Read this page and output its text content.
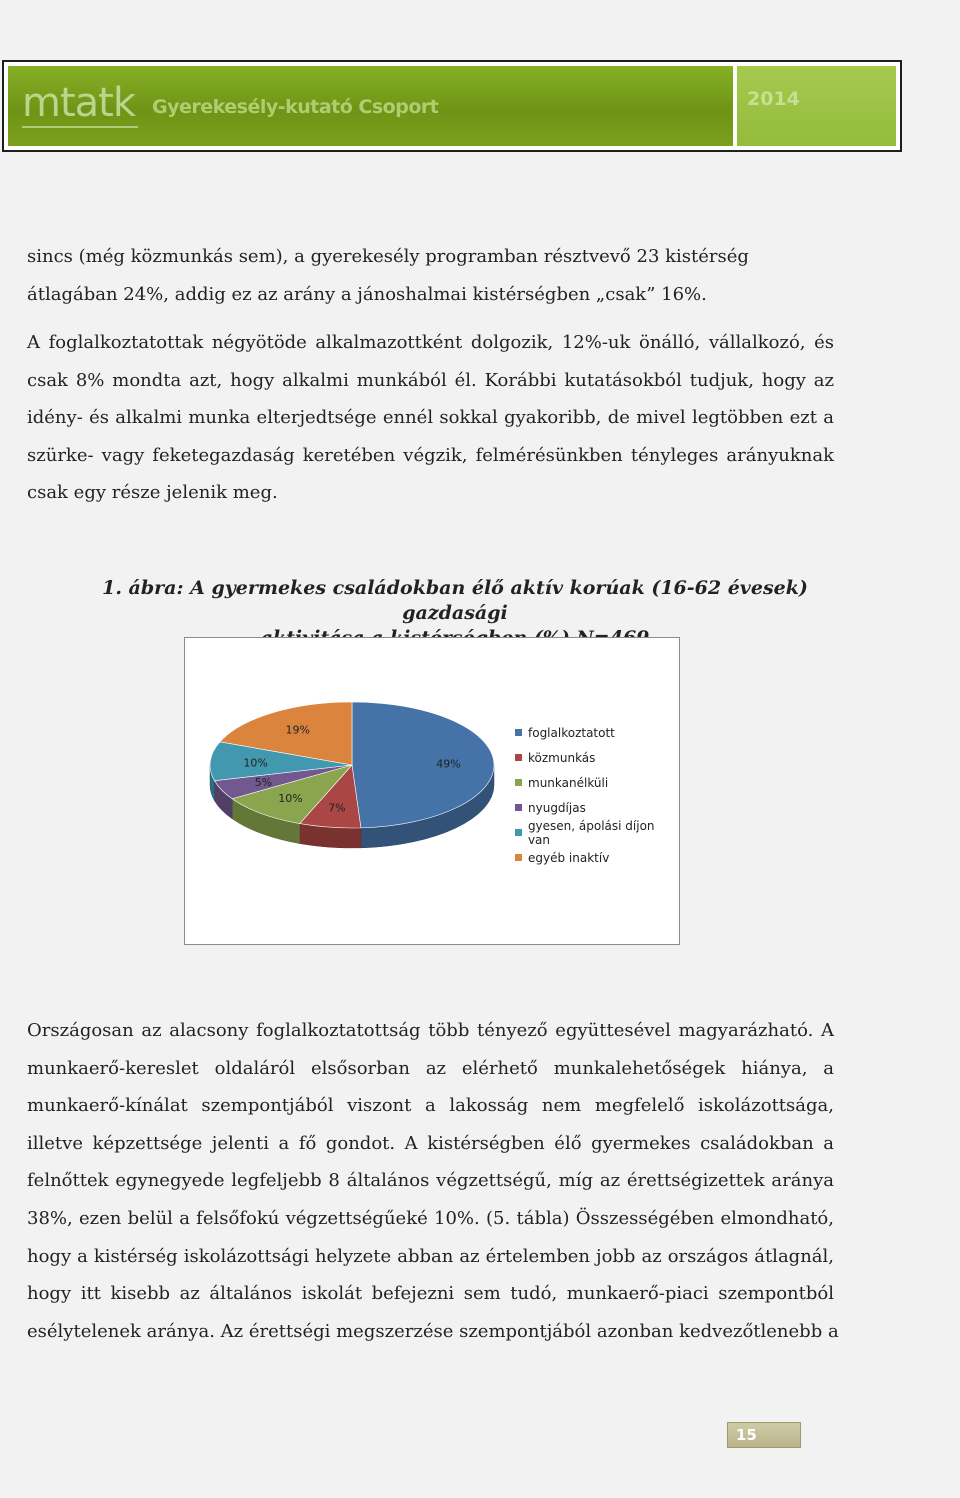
mtatk Gyerekesély-kutató Csoport	2014
sincs (még közmunkás sem), a gyerekesély programban résztvevő 23 kistérség
átlagában 24%, addig ez az arány a jánoshalmai kistérségben „csak” 16%.
A foglalkoztatottak négyötöde alkalmazottként dolgozik, 12%-uk önálló, vállalkozó, és
csak 8% mondta azt, hogy alkalmi munkából él. Korábbi kutatásokból tudjuk, hogy az
idény- és alkalmi munka elterjedtsége ennél sokkal gyakoribb, de mivel legtöbben ezt a
szürke- vagy feketegazdaság keretében végzik, felmérésünkben tényleges arányuknak
csak egy része jelenik meg.
1. ábra: A gyermekes családokban élő aktív korúak (16-62 évesek) gazdasági
49%
7%
10%
5%
10%
19%	foglalkoztatott
közmunkás
munkanélküli
nyugdíjas
gyesen, ápolási díjon van
egyéb inaktív
Országosan az alacsony foglalkoztatottság több tényező együttesével magyarázható. A
munkaerő-kereslet oldaláról elsősorban az elérhető munkalehetőségek hiánya, a
munkaerő-kínálat szempontjából viszont a lakosság nem megfelelő iskolázottsága,
illetve képzettsége jelenti a fő gondot. A kistérségben élő gyermekes családokban a
felnőttek egynegyede legfeljebb 8 általános végzettségű, míg az érettségizettek aránya
38%, ezen belül a felsőfokú végzettségűeké 10%. (5. tábla) Összességében elmondható,
hogy a kistérség iskolázottsági helyzete abban az értelemben jobb az országos átlagnál,
hogy itt kisebb az általános iskolát befejezni sem tudó, munkaerő-piaci szempontból
esélytelenek aránya. Az érettségi megszerzése szempontjából azonban kedvezőtlenebb a
15
